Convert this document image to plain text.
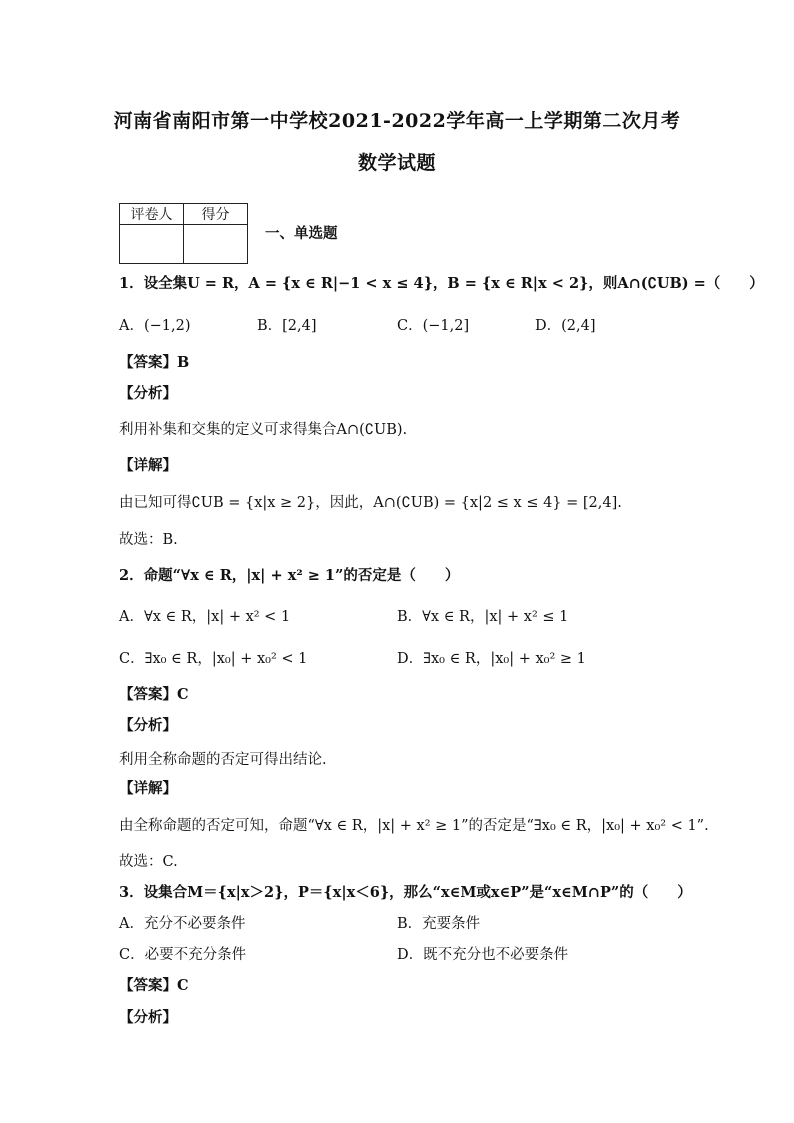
河南省南阳市第一中学校2021-2022学年高一上学期第二次月考
数学试题
评卷人	得分

一、单选题
1．设全集U = R，A = {x ∈ R|−1 < x ≤ 4}，B = {x ∈ R|x < 2}，则A∩(∁UB) =（　　）
A．(−1,2)	B．[2,4]	C．(−1,2]	D．(2,4]
【答案】B
【分析】
利用补集和交集的定义可求得集合A∩(∁UB).
【详解】
由已知可得∁UB = {x|x ≥ 2}，因此，A∩(∁UB) = {x|2 ≤ x ≤ 4} = [2,4].
故选：B.
2．命题“∀x ∈ R，|x| + x² ≥ 1”的否定是（　　）
A．∀x ∈ R，|x| + x² < 1	B．∀x ∈ R，|x| + x² ≤ 1
C．∃x₀ ∈ R，|x₀| + x₀² < 1	D．∃x₀ ∈ R，|x₀| + x₀² ≥ 1
【答案】C
【分析】
利用全称命题的否定可得出结论.
【详解】
由全称命题的否定可知，命题“∀x ∈ R，|x| + x² ≥ 1”的否定是“∃x₀ ∈ R，|x₀| + x₀² < 1”.
故选：C.
3．设集合M＝{x|x＞2}，P＝{x|x＜6}，那么“x∈M或x∈P”是“x∈M∩P”的（　　）
A．充分不必要条件	B．充要条件
C．必要不充分条件	D．既不充分也不必要条件
【答案】C
【分析】
